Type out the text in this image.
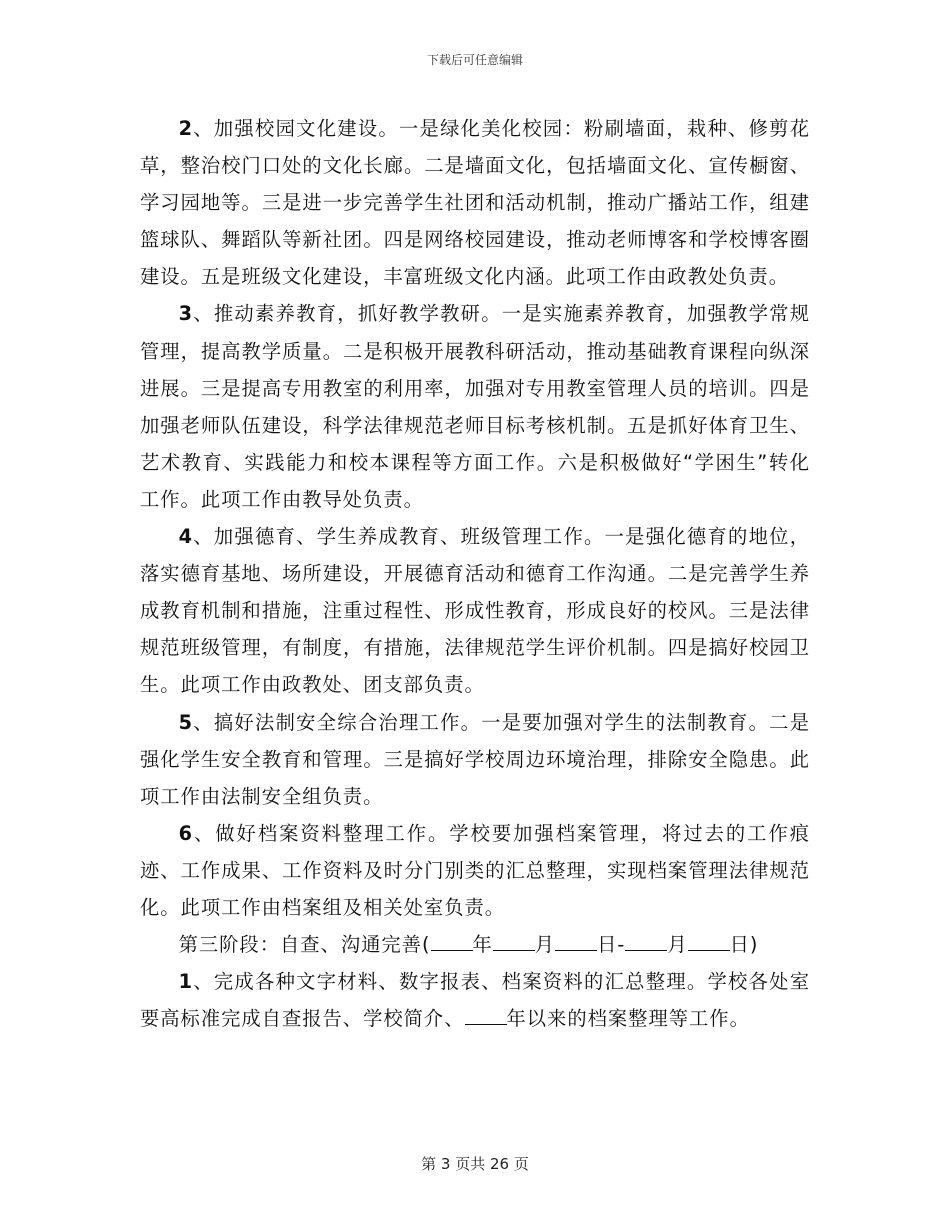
下载后可任意编辑

2、加强校园文化建设。一是绿化美化校园：粉刷墙面，栽种、修剪花草，整治校门口处的文化长廊。二是墙面文化，包括墙面文化、宣传橱窗、学习园地等。三是进一步完善学生社团和活动机制，推动广播站工作，组建篮球队、舞蹈队等新社团。四是网络校园建设，推动老师博客和学校博客圈建设。五是班级文化建设，丰富班级文化内涵。此项工作由政教处负责。

3、推动素养教育，抓好教学教研。一是实施素养教育，加强教学常规管理，提高教学质量。二是积极开展教科研活动，推动基础教育课程向纵深进展。三是提高专用教室的利用率，加强对专用教室管理人员的培训。四是加强老师队伍建设，科学法律规范老师目标考核机制。五是抓好体育卫生、艺术教育、实践能力和校本课程等方面工作。六是积极做好“学困生”转化工作。此项工作由教导处负责。

4、加强德育、学生养成教育、班级管理工作。一是强化德育的地位，落实德育基地、场所建设，开展德育活动和德育工作沟通。二是完善学生养成教育机制和措施，注重过程性、形成性教育，形成良好的校风。三是法律规范班级管理，有制度，有措施，法律规范学生评价机制。四是搞好校园卫生。此项工作由政教处、团支部负责。

5、搞好法制安全综合治理工作。一是要加强对学生的法制教育。二是强化学生安全教育和管理。三是搞好学校周边环境治理，排除安全隐患。此项工作由法制安全组负责。

6、做好档案资料整理工作。学校要加强档案管理，将过去的工作痕迹、工作成果、工作资料及时分门别类的汇总整理，实现档案管理法律规范化。此项工作由档案组及相关处室负责。

第三阶段：自查、沟通完善( 年 月 日- 月 日)

1、完成各种文字材料、数字报表、档案资料的汇总整理。学校各处室要高标准完成自查报告、学校简介、 年以来的档案整理等工作。

第 3 页共 26 页
